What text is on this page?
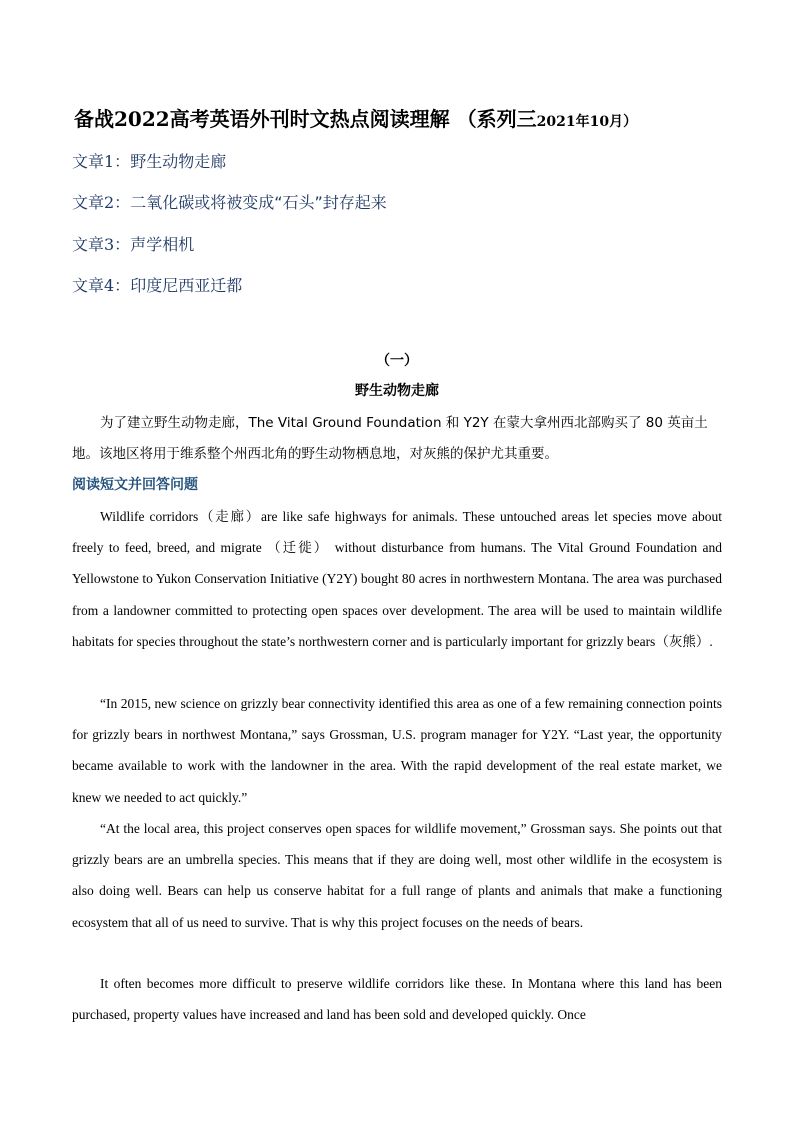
备战2022高考英语外刊时文热点阅读理解 （系列三2021年10月）
文章1：野生动物走廊
文章2：二氧化碳或将被变成“石头”封存起来
文章3：声学相机
文章4：印度尼西亚迁都
（一）
野生动物走廊
为了建立野生动物走廊，The Vital Ground Foundation 和 Y2Y 在蒙大拿州西北部购买了 80 英亩土地。该地区将用于维系整个州西北角的野生动物栖息地，对灰熊的保护尤其重要。
阅读短文并回答问题

Wildlife corridors（走廊）are like safe highways for animals. These untouched areas let species move about freely to feed, breed, and migrate （迁徙） without disturbance from humans. The Vital Ground Foundation and Yellowstone to Yukon Conservation Initiative (Y2Y) bought 80 acres in northwestern Montana. The area was purchased from a landowner committed to protecting open spaces over development. The area will be used to maintain wildlife habitats for species throughout the state’s northwestern corner and is particularly important for grizzly bears（灰熊）.

“In 2015, new science on grizzly bear connectivity identified this area as one of a few remaining connection points for grizzly bears in northwest Montana,” says Grossman, U.S. program manager for Y2Y. “Last year, the opportunity became available to work with the landowner in the area. With the rapid development of the real estate market, we knew we needed to act quickly.”

“At the local area, this project conserves open spaces for wildlife movement,” Grossman says. She points out that grizzly bears are an umbrella species. This means that if they are doing well, most other wildlife in the ecosystem is also doing well. Bears can help us conserve habitat for a full range of plants and animals that make a functioning ecosystem that all of us need to survive. That is why this project focuses on the needs of bears.

It often becomes more difficult to preserve wildlife corridors like these. In Montana where this land has been purchased, property values have increased and land has been sold and developed quickly. Once
